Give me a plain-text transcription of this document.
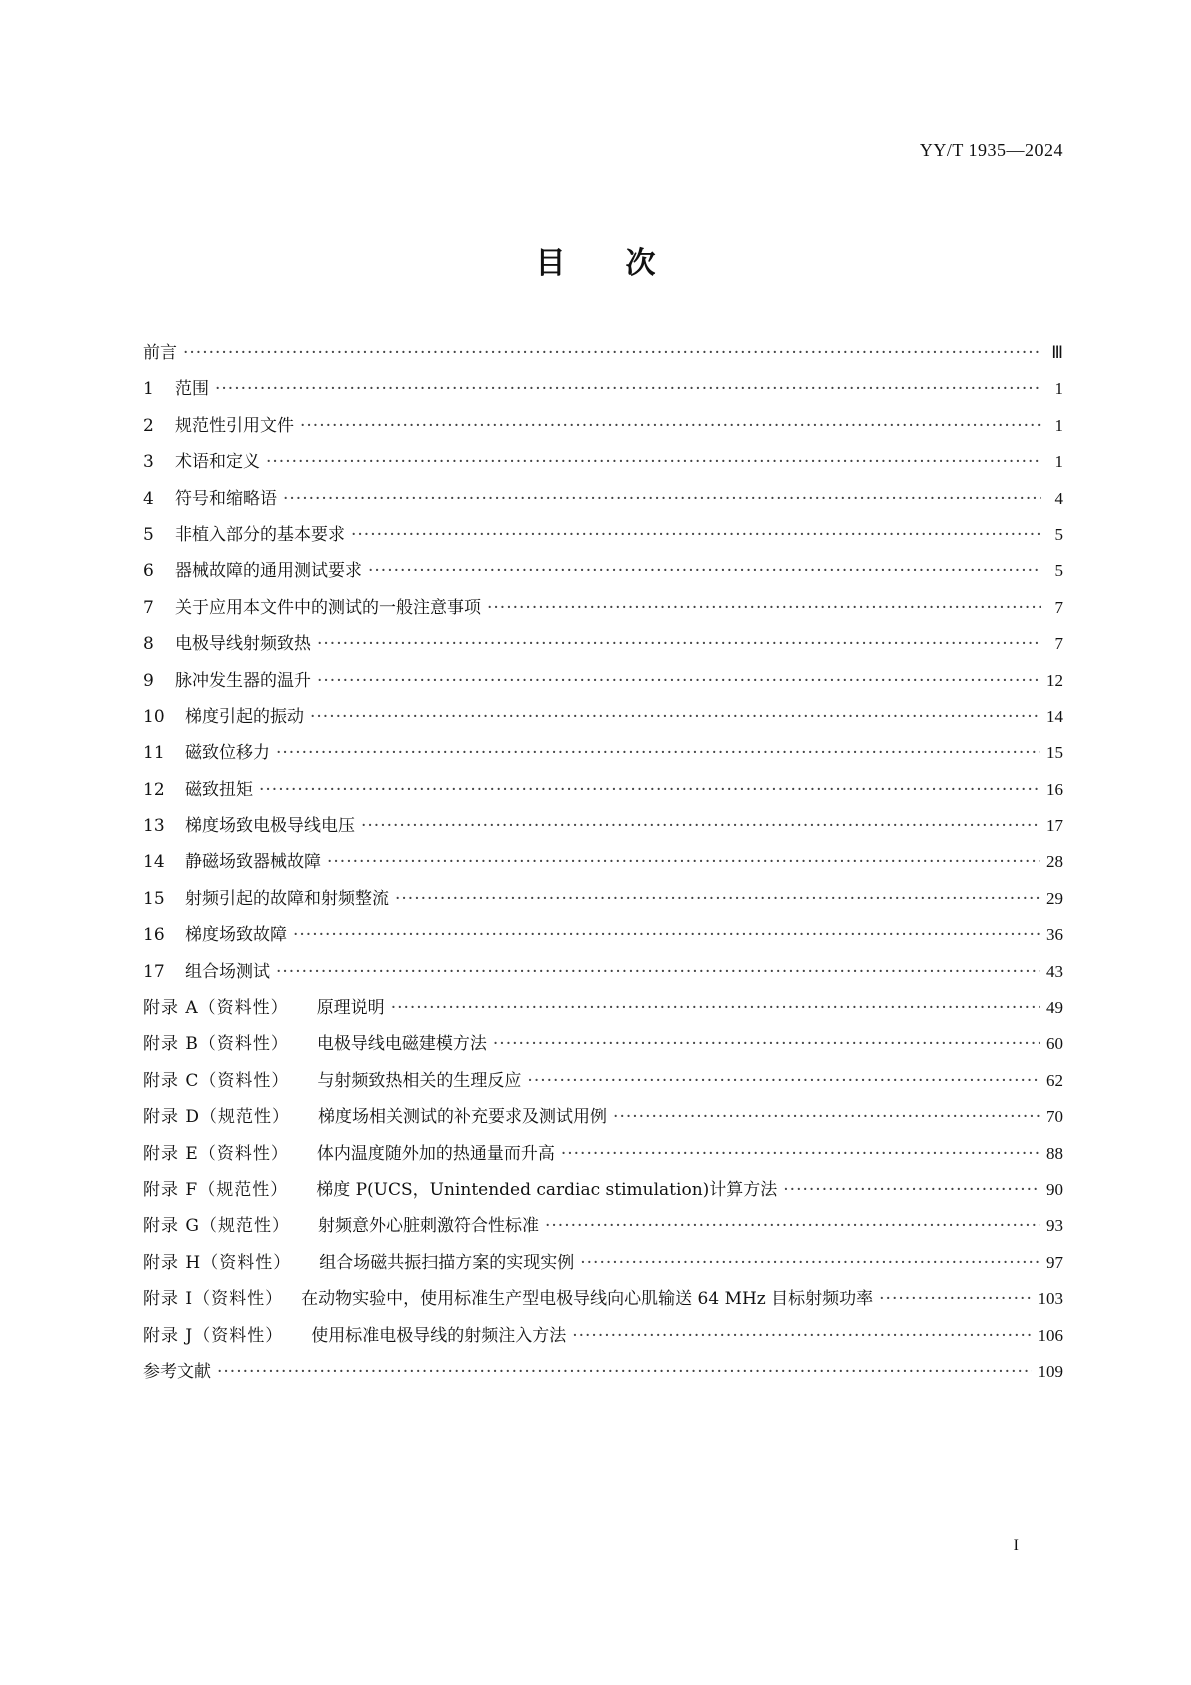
YY/T 1935—2024
目 次
前言 ·····	Ⅲ
1	范围 ·····	1
2	规范性引用文件 ·····	1
3	术语和定义 ·····	1
4	符号和缩略语 ·····	4
5	非植入部分的基本要求 ·····	5
6	器械故障的通用测试要求 ·····	5
7	关于应用本文件中的测试的一般注意事项 ·····	7
8	电极导线射频致热 ·····	7
9	脉冲发生器的温升 ·····	12
10	梯度引起的振动 ·····	14
11	磁致位移力 ·····	15
12	磁致扭矩 ·····	16
13	梯度场致电极导线电压 ·····	17
14	静磁场致器械故障 ·····	28
15	射频引起的故障和射频整流 ·····	29
16	梯度场致故障 ·····	36
17	组合场测试 ·····	43
附录 A（资料性） 原理说明 ·····	49
附录 B（资料性） 电极导线电磁建模方法 ·····	60
附录 C（资料性） 与射频致热相关的生理反应 ·····	62
附录 D（规范性） 梯度场相关测试的补充要求及测试用例 ·····	70
附录 E（资料性） 体内温度随外加的热通量而升高 ·····	88
附录 F（规范性） 梯度 P(UCS，Unintended cardiac stimulation)计算方法 ·····	90
附录 G（规范性） 射频意外心脏刺激符合性标准 ·····	93
附录 H（资料性） 组合场磁共振扫描方案的实现实例 ·····	97
附录 I（资料性） 在动物实验中，使用标准生产型电极导线向心肌输送 64 MHz 目标射频功率 ·····	103
附录 J（资料性） 使用标准电极导线的射频注入方法 ·····	106
参考文献 ·····	109
I
